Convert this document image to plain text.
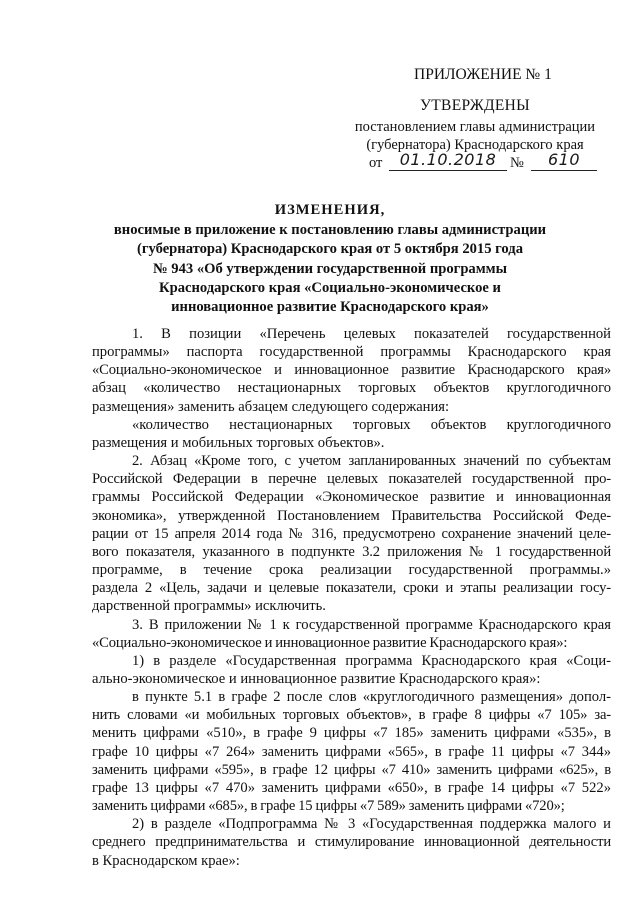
ПРИЛОЖЕНИЕ № 1
УТВЕРЖДЕНЫ
постановлением главы администрации
(губернатора) Краснодарского края
от	01.10.2018 №	610
ИЗМЕНЕНИЯ,
вносимые в приложение к постановлению главы администрации
(губернатора) Краснодарского края от 5 октября 2015 года
№ 943 «Об утверждении государственной программы
Краснодарского края «Социально-экономическое и
инновационное развитие Краснодарского края»

1. В позиции «Перечень целевых показателей государственной

программы» паспорта государственной программы Краснодарского края

«Социально-экономическое и инновационное развитие Краснодарского края»

абзац «количество нестационарных торговых объектов круглогодичного

размещения» заменить абзацем следующего содержания:

«количество нестационарных торговых объектов круглогодичного

размещения и мобильных торговых объектов».

2. Абзац «Кроме того, с учетом запланированных значений по субъектам

Российской Федерации в перечне целевых показателей государственной про-

граммы Российской Федерации «Экономическое развитие и инновационная

экономика», утвержденной Постановлением Правительства Российской Феде-

рации от 15 апреля 2014 года № 316, предусмотрено сохранение значений целе-

вого показателя, указанного в подпункте 3.2 приложения № 1 государственной

программе, в течение срока реализации государственной программы.»

раздела 2 «Цель, задачи и целевые показатели, сроки и этапы реализации госу-

дарственной программы» исключить.

3. В приложении № 1 к государственной программе Краснодарского края

«Социально-экономическое и инновационное развитие Краснодарского края»:

1) в разделе «Государственная программа Краснодарского края «Соци-

ально-экономическое и инновационное развитие Краснодарского края»:

в пункте 5.1 в графе 2 после слов «круглогодичного размещения» допол-

нить словами «и мобильных торговых объектов», в графе 8 цифры «7 105» за-

менить цифрами «510», в графе 9 цифры «7 185» заменить цифрами «535», в

графе 10 цифры «7 264» заменить цифрами «565», в графе 11 цифры «7 344»

заменить цифрами «595», в графе 12 цифры «7 410» заменить цифрами «625», в

графе 13 цифры «7 470» заменить цифрами «650», в графе 14 цифры «7 522»

заменить цифрами «685», в графе 15 цифры «7 589» заменить цифрами «720»;

2) в разделе «Подпрограмма № 3 «Государственная поддержка малого и

среднего предпринимательства и стимулирование инновационной деятельности

в Краснодарском крае»:
